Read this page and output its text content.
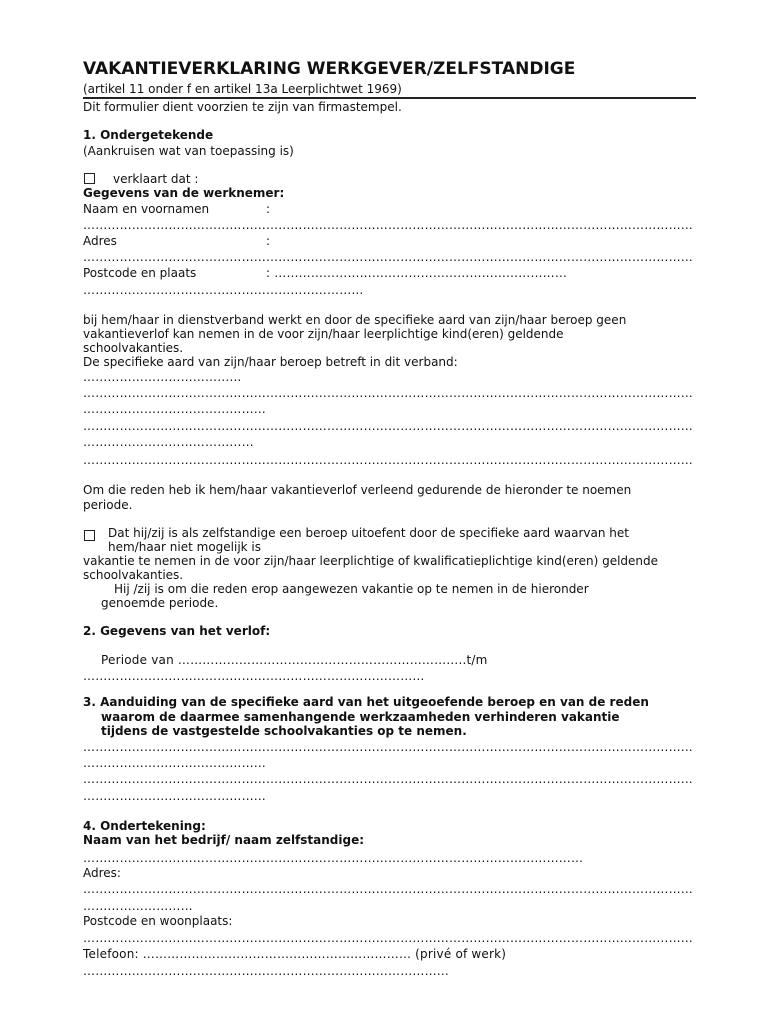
VAKANTIEVERKLARING WERKGEVER/ZELFSTANDIGE
(artikel 11 onder f en artikel 13a Leerplichtwet 1969)
Dit formulier dient voorzien te zijn van firmastempel.
1. Ondergetekende
(Aankruisen wat van toepassing is)
verklaart dat :
Gegevens van de werknemer:
Naam en voornamen	:
……………………………………………………………………………………………………………………………………
Adres	:
……………………………………………………………………………………………………………………………………
Postcode en plaats	: ………………………………………………………………
……………………………………………………………
bij hem/haar in dienstverband werkt en door de specifieke aard van zijn/haar beroep geen
vakantieverlof kan nemen in de voor zijn/haar leerplichtige kind(eren) geldende
schoolvakanties.
De specifieke aard van zijn/haar beroep betreft in dit verband:
…………………………………
……………………………………………………………………………………………………………………………………
………………………………………
……………………………………………………………………………………………………………………………………
……………………………………
……………………………………………………………………………………………………………………………………
Om die reden heb ik hem/haar vakantieverlof verleend gedurende de hieronder te noemen
periode.
Dat hij/zij is als zelfstandige een beroep uitoefent door de specifieke aard waarvan het
hem/haar niet mogelijk is
vakantie te nemen in de voor zijn/haar leerplichtige of kwalificatieplichtige kind(eren) geldende
schoolvakanties.
Hij /zij is om die reden erop aangewezen vakantie op te nemen in de hieronder
genoemde periode.
2. Gegevens van het verlof:
Periode van ……………………………………………………………..t/m
…………………………………………………………………………
3. Aanduiding van de specifieke aard van het uitgeoefende beroep en van de reden
waarom de daarmee samenhangende werkzaamheden verhinderen vakantie
tijdens de vastgestelde schoolvakanties op te nemen.
……………………………………………………………………………………………………………………………………
………………………………………
……………………………………………………………………………………………………………………………………
………………………………………
4. Ondertekening:
Naam van het bedrijf/ naam zelfstandige:
……………………………………………………………………………………………………………
Adres:
……………………………………………………………………………………………………………………………………
………………………
Postcode en woonplaats:
……………………………………………………………………………………………………………………………………
Telefoon: ………………………………………………………… (privé of werk)
………………………………………………………………………………
